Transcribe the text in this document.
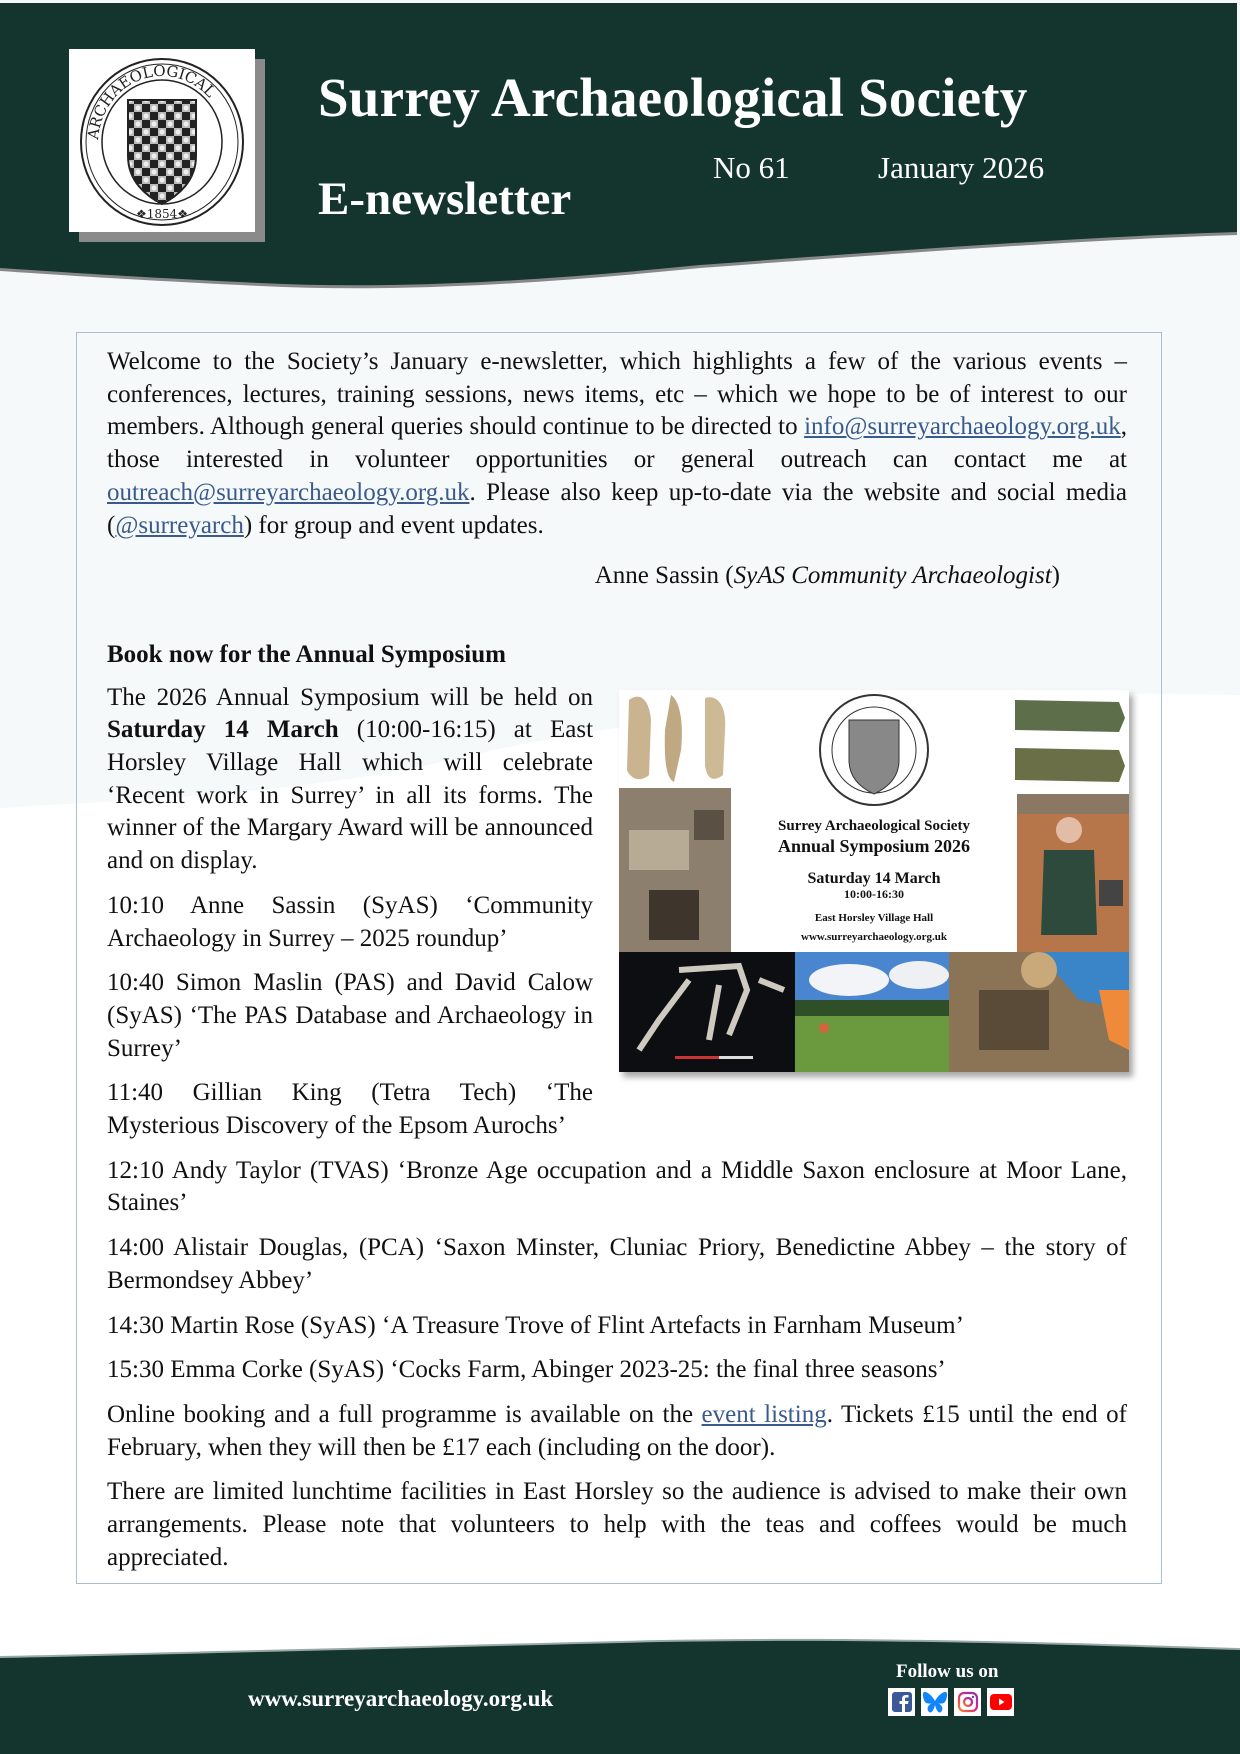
ARCHAEOLOGICAL
❖1854❖
Surrey Archaeological Society
E-newsletter
No 61	January 2026

Welcome to the Society’s January e-newsletter, which highlights a few of the various events – conferences, lectures, training sessions, news items, etc – which we hope to be of interest to our members. Although general queries should continue to be directed to info@surreyarchaeology.org.uk, those interested in volunteer opportunities or general outreach can contact me at outreach@surreyarchaeology.org.uk. Please also keep up-to-date via the website and social media (@surreyarch) for group and event updates.

Anne Sassin (SyAS Community Archaeologist)

Book now for the Annual Symposium
Surrey Archaeological Society
Annual Symposium 2026
Saturday 14 March
10:00-16:30
East Horsley Village Hall
www.surreyarchaeology.org.uk

The 2026 Annual Symposium will be held on Saturday 14 March (10:00-16:15) at East Horsley Village Hall which will celebrate ‘Recent work in Surrey’ in all its forms. The winner of the Margary Award will be announced and on display.

10:10 Anne Sassin (SyAS) ‘Community Archaeology in Surrey – 2025 roundup’

10:40 Simon Maslin (PAS) and David Calow (SyAS) ‘The PAS Database and Archaeology in Surrey’

11:40 Gillian King (Tetra Tech) ‘The Mysterious Discovery of the Epsom Aurochs’

12:10 Andy Taylor (TVAS) ‘Bronze Age occupation and a Middle Saxon enclosure at Moor Lane, Staines’

14:00 Alistair Douglas, (PCA) ‘Saxon Minster, Cluniac Priory, Benedictine Abbey – the story of Bermondsey Abbey’

14:30 Martin Rose (SyAS) ‘A Treasure Trove of Flint Artefacts in Farnham Museum’

15:30 Emma Corke (SyAS) ‘Cocks Farm, Abinger 2023-25: the final three seasons’

Online booking and a full programme is available on the event listing. Tickets £15 until the end of February, when they will then be £17 each (including on the door).

There are limited lunchtime facilities in East Horsley so the audience is advised to make their own arrangements. Please note that volunteers to help with the teas and coffees would be much appreciated.

www.surreyarchaeology.org.uk
Follow us on
